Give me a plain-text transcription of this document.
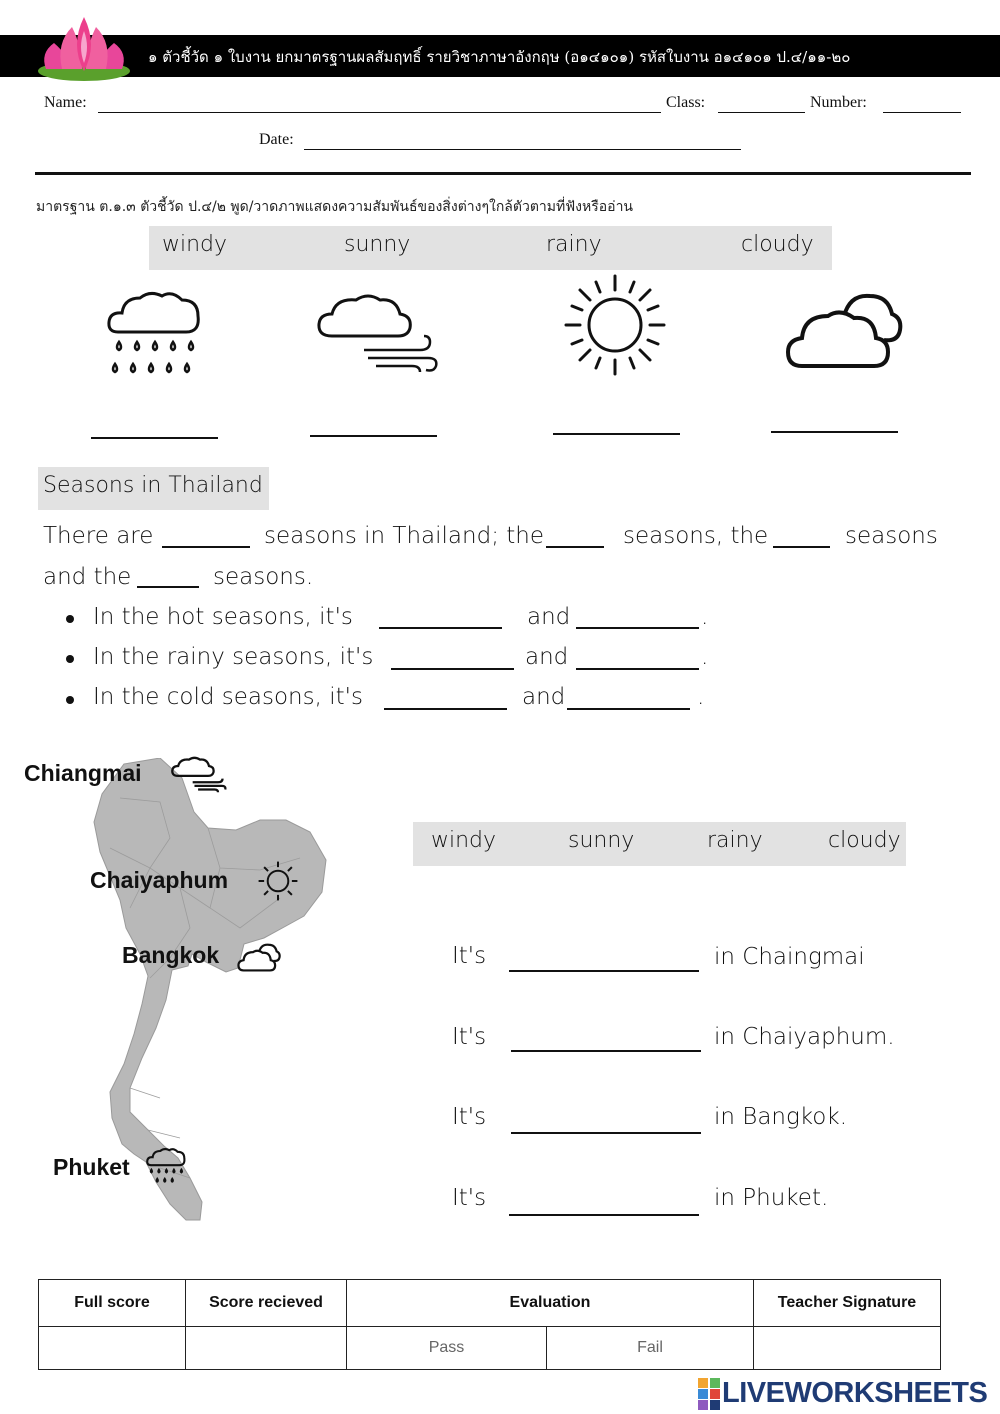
๑ ตัวชี้วัด ๑ ใบงาน ยกมาตรฐานผลสัมฤทธิ์ รายวิชาภาษาอังกฤษ (อ๑๔๑๐๑) รหัสใบงาน อ๑๔๑๐๑ ป.๔/๑๑-๒๐
Name:	Class:	Number:
Date:
มาตรฐาน ต.๑.๓ ตัวชี้วัด ป.๔/๒ พูด/วาดภาพแสดงความสัมพันธ์ของสิ่งต่างๆใกล้ตัวตามที่ฟังหรืออ่าน
windy	sunny	rainy	cloudy
Seasons in Thailand
There are	seasons in Thailand; the	seasons, the	seasons
and the	seasons.
In the hot seasons, it's	and	.
In the rainy seasons, it's	and	.
In the cold seasons, it's	and	.
Chiangmai
Chaiyaphum
Bangkok
Phuket
windy	sunny	rainy	cloudy
It's	in Chaingmai
It's	in Chaiyaphum.
It's	in Bangkok.
It's	in Phuket.
Full score	Score recieved	Evaluation		Teacher Signature
		Pass	Fail	
LIVEWORKSHEETS
